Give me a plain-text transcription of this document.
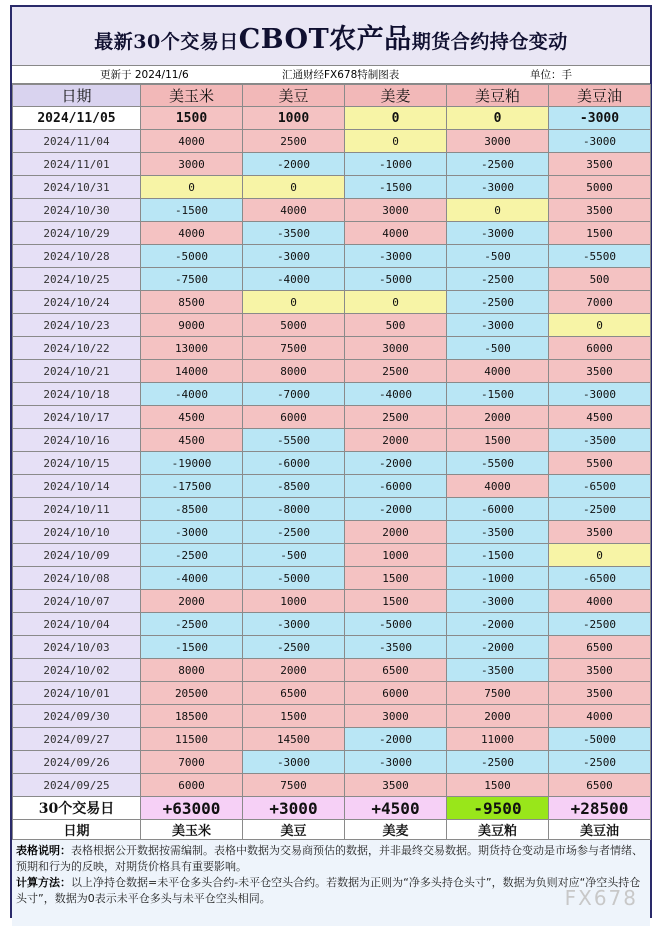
最新30个交易日CBOT农产品期货合约持仓变动
更新于 2024/11/6	汇通财经FX678特制图表	单位：手
日期	美玉米	美豆	美麦	美豆粕	美豆油
2024/11/05	1500	1000	0	0	-3000
2024/11/04	4000	2500	0	3000	-3000
2024/11/01	3000	-2000	-1000	-2500	3500
2024/10/31	0	0	-1500	-3000	5000
2024/10/30	-1500	4000	3000	0	3500
2024/10/29	4000	-3500	4000	-3000	1500
2024/10/28	-5000	-3000	-3000	-500	-5500
2024/10/25	-7500	-4000	-5000	-2500	500
2024/10/24	8500	0	0	-2500	7000
2024/10/23	9000	5000	500	-3000	0
2024/10/22	13000	7500	3000	-500	6000
2024/10/21	14000	8000	2500	4000	3500
2024/10/18	-4000	-7000	-4000	-1500	-3000
2024/10/17	4500	6000	2500	2000	4500
2024/10/16	4500	-5500	2000	1500	-3500
2024/10/15	-19000	-6000	-2000	-5500	5500
2024/10/14	-17500	-8500	-6000	4000	-6500
2024/10/11	-8500	-8000	-2000	-6000	-2500
2024/10/10	-3000	-2500	2000	-3500	3500
2024/10/09	-2500	-500	1000	-1500	0
2024/10/08	-4000	-5000	1500	-1000	-6500
2024/10/07	2000	1000	1500	-3000	4000
2024/10/04	-2500	-3000	-5000	-2000	-2500
2024/10/03	-1500	-2500	-3500	-2000	6500
2024/10/02	8000	2000	6500	-3500	3500
2024/10/01	20500	6500	6000	7500	3500
2024/09/30	18500	1500	3000	2000	4000
2024/09/27	11500	14500	-2000	11000	-5000
2024/09/26	7000	-3000	-3000	-2500	-2500
2024/09/25	6000	7500	3500	1500	6500
30个交易日	+63000	+3000	+4500	-9500	+28500
日期	美玉米	美豆	美麦	美豆粕	美豆油
表格说明：表格根据公开数据按需编制。表格中数据为交易商预估的数据，并非最终交易数据。期货持仓变动是市场参与者情绪、预期和行为的反映，对期货价格具有重要影响。
计算方法：以上净持仓数据=未平仓多头合约-未平仓空头合约。若数据为正则为“净多头持仓头寸”，数据为负则对应“净空头持仓头寸”，数据为0表示未平仓多头与未平仓空头相同。	FX678
